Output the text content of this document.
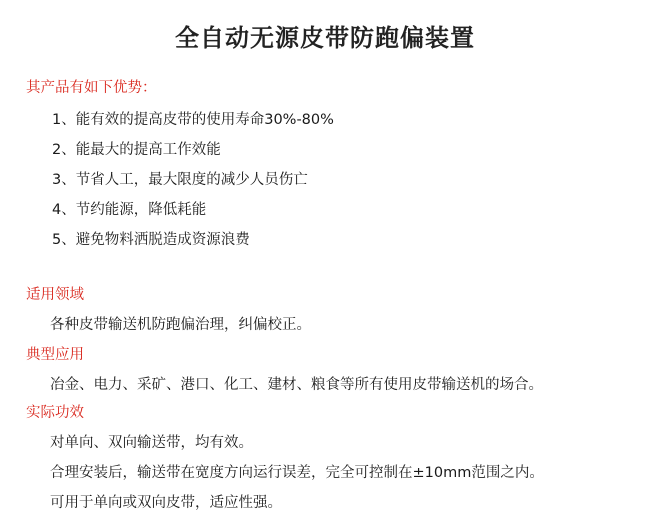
全自动无源皮带防跑偏装置
其产品有如下优势：
1、能有效的提高皮带的使用寿命30%-80%
2、能最大的提高工作效能
3、节省人工，最大限度的减少人员伤亡
4、节约能源，降低耗能
5、避免物料洒脱造成资源浪费
适用领域
各种皮带输送机防跑偏治理，纠偏校正。
典型应用
冶金、电力、采矿、港口、化工、建材、粮食等所有使用皮带输送机的场合。
实际功效
对单向、双向输送带，均有效。
合理安装后，输送带在宽度方向运行误差，完全可控制在±10mm范围之内。
可用于单向或双向皮带，适应性强。
